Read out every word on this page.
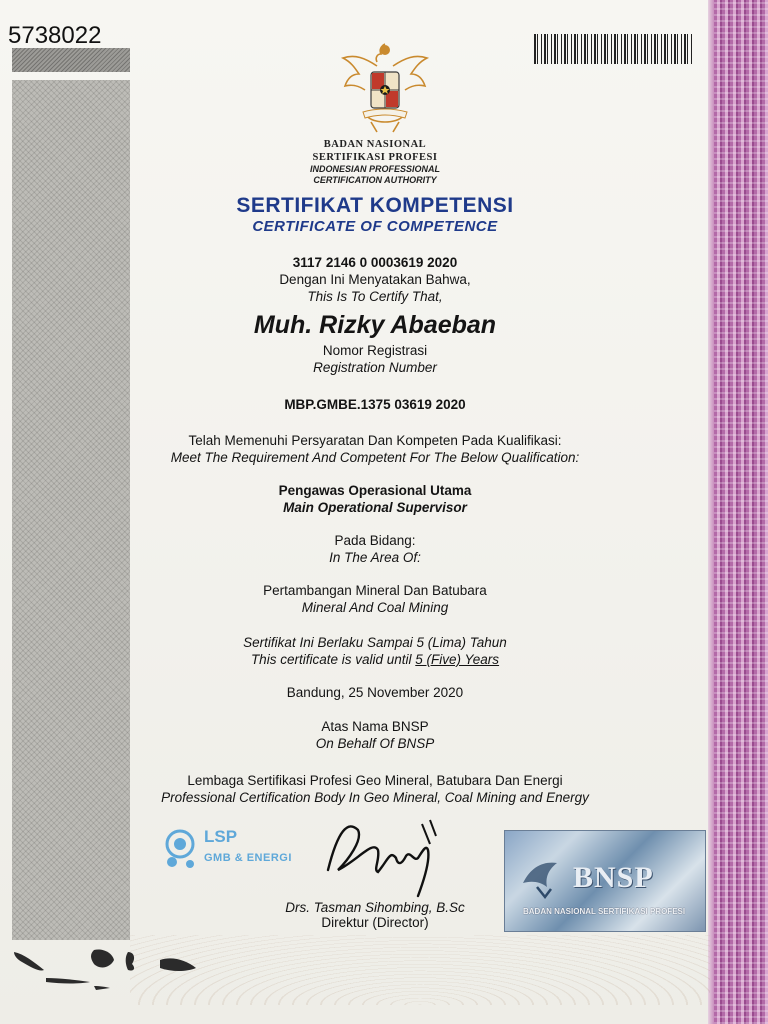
5738022
BADAN NASIONAL
SERTIFIKASI PROFESI
INDONESIAN PROFESSIONAL
CERTIFICATION AUTHORITY
SERTIFIKAT KOMPETENSI
CERTIFICATE OF COMPETENCE
3117 2146 0 0003619 2020
Dengan Ini Menyatakan Bahwa,
This Is To Certify That,
Muh. Rizky Abaeban
Nomor Registrasi
Registration Number
MBP.GMBE.1375 03619 2020
Telah Memenuhi Persyaratan Dan Kompeten Pada Kualifikasi:
Meet The Requirement And Competent For The Below Qualification:
Pengawas Operasional Utama
Main Operational Supervisor
Pada Bidang:
In The Area Of:
Pertambangan Mineral Dan Batubara
Mineral And Coal Mining
Sertifikat Ini Berlaku Sampai 5 (Lima) Tahun
This certificate is valid until 5 (Five) Years
Bandung, 25 November 2020
Atas Nama BNSP
On Behalf Of BNSP
Lembaga Sertifikasi Profesi Geo Mineral, Batubara Dan Energi
Professional Certification Body In Geo Mineral, Coal Mining and Energy
LSP
GMB & ENERGI
Drs. Tasman Sihombing, B.Sc
Direktur (Director)
BNSP
BADAN NASIONAL SERTIFIKASI PROFESI
